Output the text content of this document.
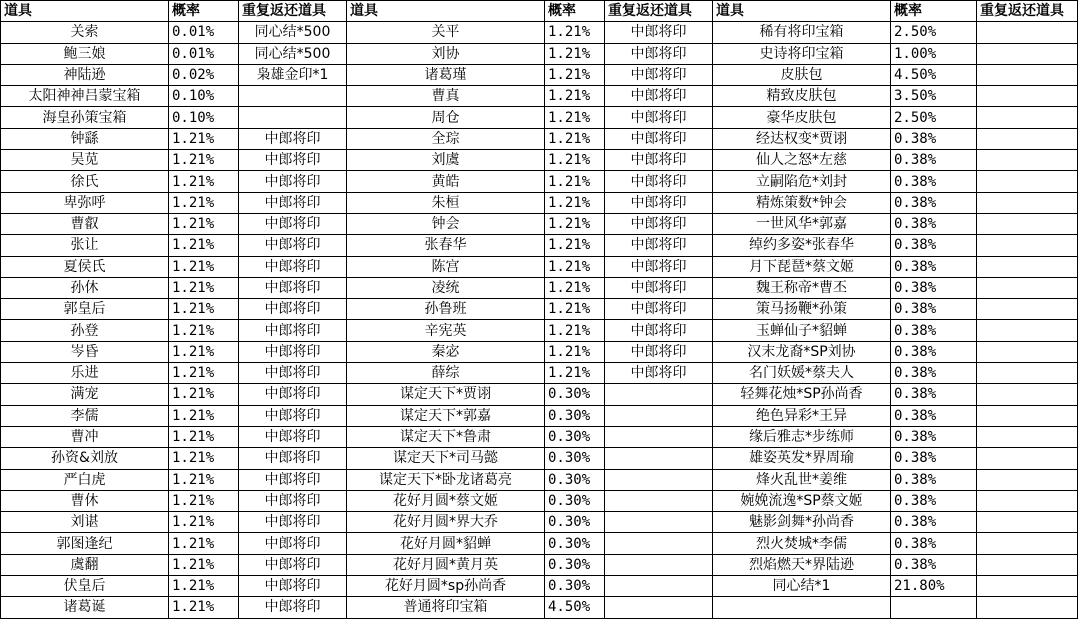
道具	概率	重复返还道具	道具	概率	重复返还道具	道具	概率	重复返还道具
关索	0.01%	同心结*500	关平	1.21%	中郎将印	稀有将印宝箱	2.50%	
鲍三娘	0.01%	同心结*500	刘协	1.21%	中郎将印	史诗将印宝箱	1.00%	
神陆逊	0.02%	枭雄金印*1	诸葛瑾	1.21%	中郎将印	皮肤包	4.50%	
太阳神神吕蒙宝箱	0.10%		曹真	1.21%	中郎将印	精致皮肤包	3.50%	
海皇孙策宝箱	0.10%		周仓	1.21%	中郎将印	豪华皮肤包	2.50%	
钟繇	1.21%	中郎将印	全琮	1.21%	中郎将印	经达权变*贾诩	0.38%	
吴苋	1.21%	中郎将印	刘虞	1.21%	中郎将印	仙人之怒*左慈	0.38%	
徐氏	1.21%	中郎将印	黄皓	1.21%	中郎将印	立嗣陷危*刘封	0.38%	
卑弥呼	1.21%	中郎将印	朱桓	1.21%	中郎将印	精炼策数*钟会	0.38%	
曹叡	1.21%	中郎将印	钟会	1.21%	中郎将印	一世风华*郭嘉	0.38%	
张让	1.21%	中郎将印	张春华	1.21%	中郎将印	绰约多姿*张春华	0.38%	
夏侯氏	1.21%	中郎将印	陈宫	1.21%	中郎将印	月下琵琶*蔡文姬	0.38%	
孙休	1.21%	中郎将印	凌统	1.21%	中郎将印	魏王称帝*曹丕	0.38%	
郭皇后	1.21%	中郎将印	孙鲁班	1.21%	中郎将印	策马扬鞭*孙策	0.38%	
孙登	1.21%	中郎将印	辛宪英	1.21%	中郎将印	玉蝉仙子*貂蝉	0.38%	
岑昏	1.21%	中郎将印	秦宓	1.21%	中郎将印	汉末龙裔*SP刘协	0.38%	
乐进	1.21%	中郎将印	薛综	1.21%	中郎将印	名门妖媛*蔡夫人	0.38%	
满宠	1.21%	中郎将印	谋定天下*贾诩	0.30%		轻舞花烛*SP孙尚香	0.38%	
李儒	1.21%	中郎将印	谋定天下*郭嘉	0.30%		绝色异彩*王异	0.38%	
曹冲	1.21%	中郎将印	谋定天下*鲁肃	0.30%		缘后雅志*步练师	0.38%	
孙资&刘放	1.21%	中郎将印	谋定天下*司马懿	0.30%		雄姿英发*界周瑜	0.38%	
严白虎	1.21%	中郎将印	谋定天下*卧龙诸葛亮	0.30%		烽火乱世*姜维	0.38%	
曹休	1.21%	中郎将印	花好月圆*蔡文姬	0.30%		婉娩流逸*SP蔡文姬	0.38%	
刘谌	1.21%	中郎将印	花好月圆*界大乔	0.30%		魅影剑舞*孙尚香	0.38%	
郭图逢纪	1.21%	中郎将印	花好月圆*貂蝉	0.30%		烈火焚城*李儒	0.38%	
虞翻	1.21%	中郎将印	花好月圆*黄月英	0.30%		烈焰燃天*界陆逊	0.38%	
伏皇后	1.21%	中郎将印	花好月圆*sp孙尚香	0.30%		同心结*1	21.80%	
诸葛诞	1.21%	中郎将印	普通将印宝箱	4.50%				
